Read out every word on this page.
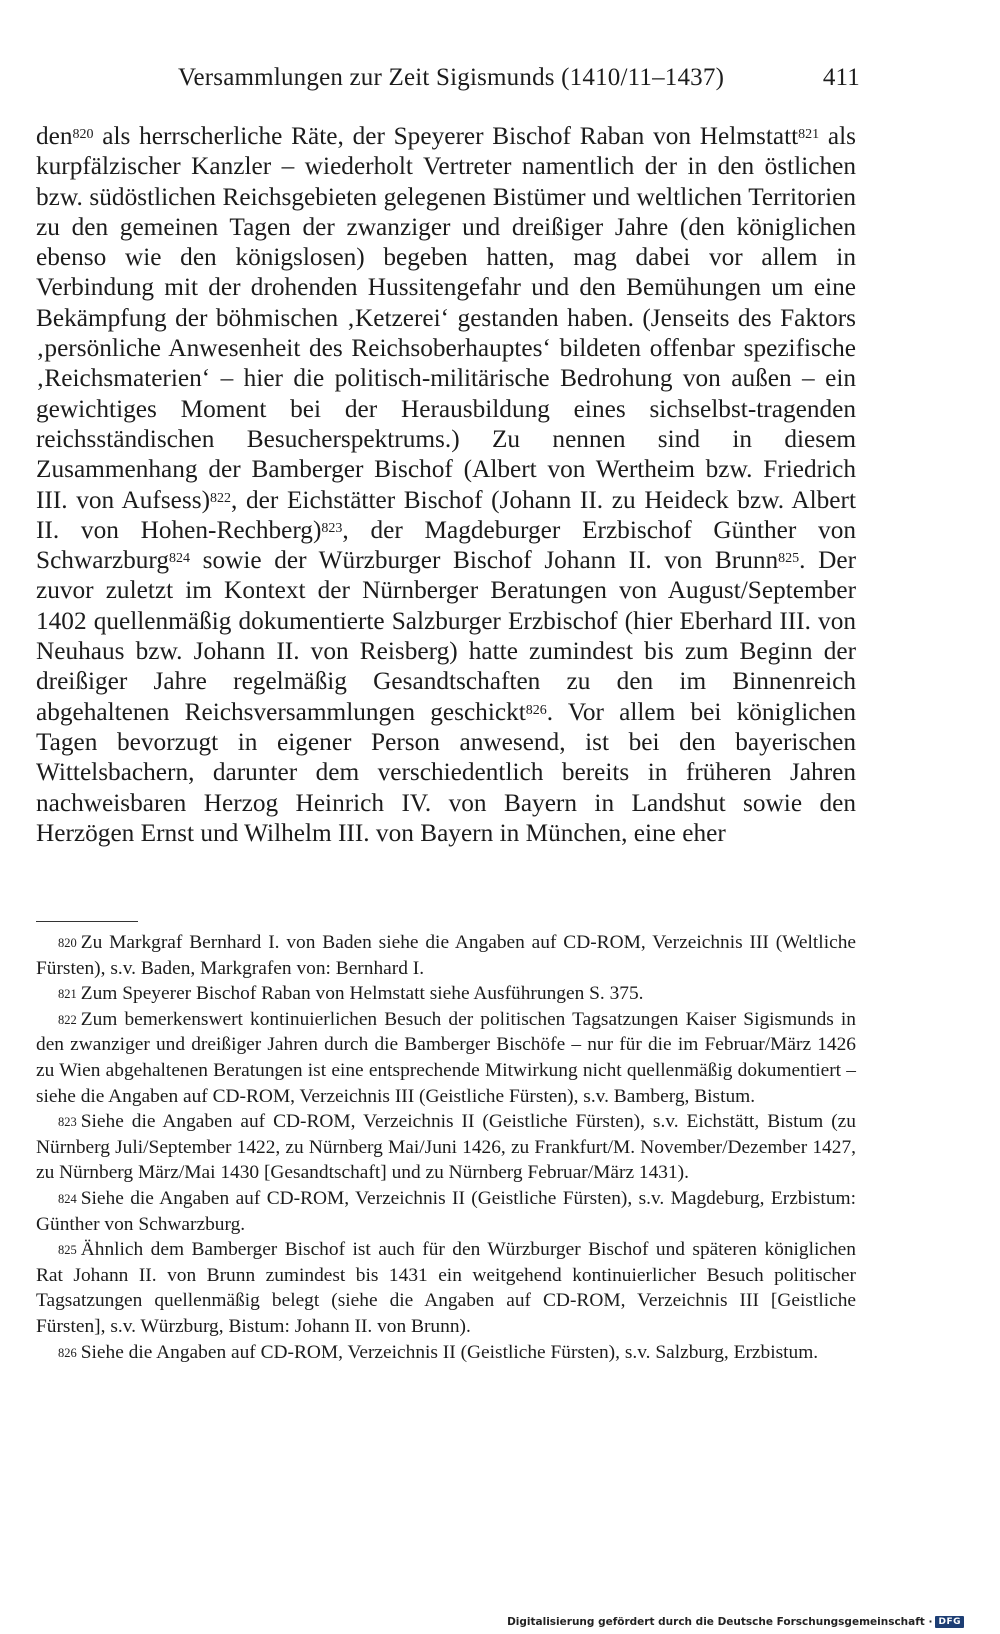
Versammlungen zur Zeit Sigismunds (1410/11–1437)	411

den$^{820}$ als herrscherliche Räte, der Speyerer Bischof Raban von Helmstatt$^{821}$ als kurpfälzischer Kanzler – wiederholt Vertreter namentlich der in den östlichen bzw. südöstlichen Reichsgebieten gelegenen Bistümer und weltlichen Territorien zu den gemeinen Tagen der zwanziger und dreißiger Jahre (den königlichen ebenso wie den königslosen) begeben hatten, mag dabei vor allem in Verbindung mit der drohenden Hussitengefahr und den Bemühungen um eine Bekämpfung der böhmischen ‚Ketzerei‘ gestanden haben. (Jenseits des Faktors ‚persönliche Anwesenheit des Reichsoberhauptes‘ bildeten offenbar spezifische ‚Reichsmaterien‘ – hier die politisch-militärische Bedrohung von außen – ein gewichtiges Moment bei der Herausbildung eines sichselbst-tragenden reichsständischen Besucherspektrums.) Zu nennen sind in diesem Zusammenhang der Bamberger Bischof (Albert von Wertheim bzw. Friedrich III. von Aufsess)$^{822}$, der Eichstätter Bischof (Johann II. zu Heideck bzw. Albert II. von Hohen-Rechberg)$^{823}$, der Magdeburger Erzbischof Günther von Schwarzburg$^{824}$ sowie der Würzburger Bischof Johann II. von Brunn$^{825}$. Der zuvor zuletzt im Kontext der Nürnberger Beratungen von August/September 1402 quellenmäßig dokumentierte Salzburger Erzbischof (hier Eberhard III. von Neuhaus bzw. Johann II. von Reisberg) hatte zumindest bis zum Beginn der dreißiger Jahre regelmäßig Gesandtschaften zu den im Binnenreich abgehaltenen Reichsversammlungen geschickt$^{826}$. Vor allem bei königlichen Tagen bevorzugt in eigener Person anwesend, ist bei den bayerischen Wittelsbachern, darunter dem verschiedentlich bereits in früheren Jahren nachweisbaren Herzog Heinrich IV. von Bayern in Landshut sowie den Herzögen Ernst und Wilhelm III. von Bayern in München, eine eher

$^{820}$ Zu Markgraf Bernhard I. von Baden siehe die Angaben auf CD-ROM, Verzeichnis III (Weltliche Fürsten), s.v. Baden, Markgrafen von: Bernhard I.

$^{821}$ Zum Speyerer Bischof Raban von Helmstatt siehe Ausführungen S. 375.

$^{822}$ Zum bemerkenswert kontinuierlichen Besuch der politischen Tagsatzungen Kaiser Sigismunds in den zwanziger und dreißiger Jahren durch die Bamberger Bischöfe – nur für die im Februar/März 1426 zu Wien abgehaltenen Beratungen ist eine entsprechende Mitwirkung nicht quellenmäßig dokumentiert – siehe die Angaben auf CD-ROM, Verzeichnis III (Geistliche Fürsten), s.v. Bamberg, Bistum.

$^{823}$ Siehe die Angaben auf CD-ROM, Verzeichnis II (Geistliche Fürsten), s.v. Eichstätt, Bistum (zu Nürnberg Juli/September 1422, zu Nürnberg Mai/Juni 1426, zu Frankfurt/M. November/Dezember 1427, zu Nürnberg März/Mai 1430 [Gesandtschaft] und zu Nürnberg Februar/März 1431).

$^{824}$ Siehe die Angaben auf CD-ROM, Verzeichnis II (Geistliche Fürsten), s.v. Magdeburg, Erzbistum: Günther von Schwarzburg.

$^{825}$ Ähnlich dem Bamberger Bischof ist auch für den Würzburger Bischof und späteren königlichen Rat Johann II. von Brunn zumindest bis 1431 ein weitgehend kontinuierlicher Besuch politischer Tagsatzungen quellenmäßig belegt (siehe die Angaben auf CD-ROM, Verzeichnis III [Geistliche Fürsten], s.v. Würzburg, Bistum: Johann II. von Brunn).

$^{826}$ Siehe die Angaben auf CD-ROM, Verzeichnis II (Geistliche Fürsten), s.v. Salzburg, Erzbistum.

Digitalisierung gefördert durch die Deutsche Forschungsgemeinschaft · DFG
